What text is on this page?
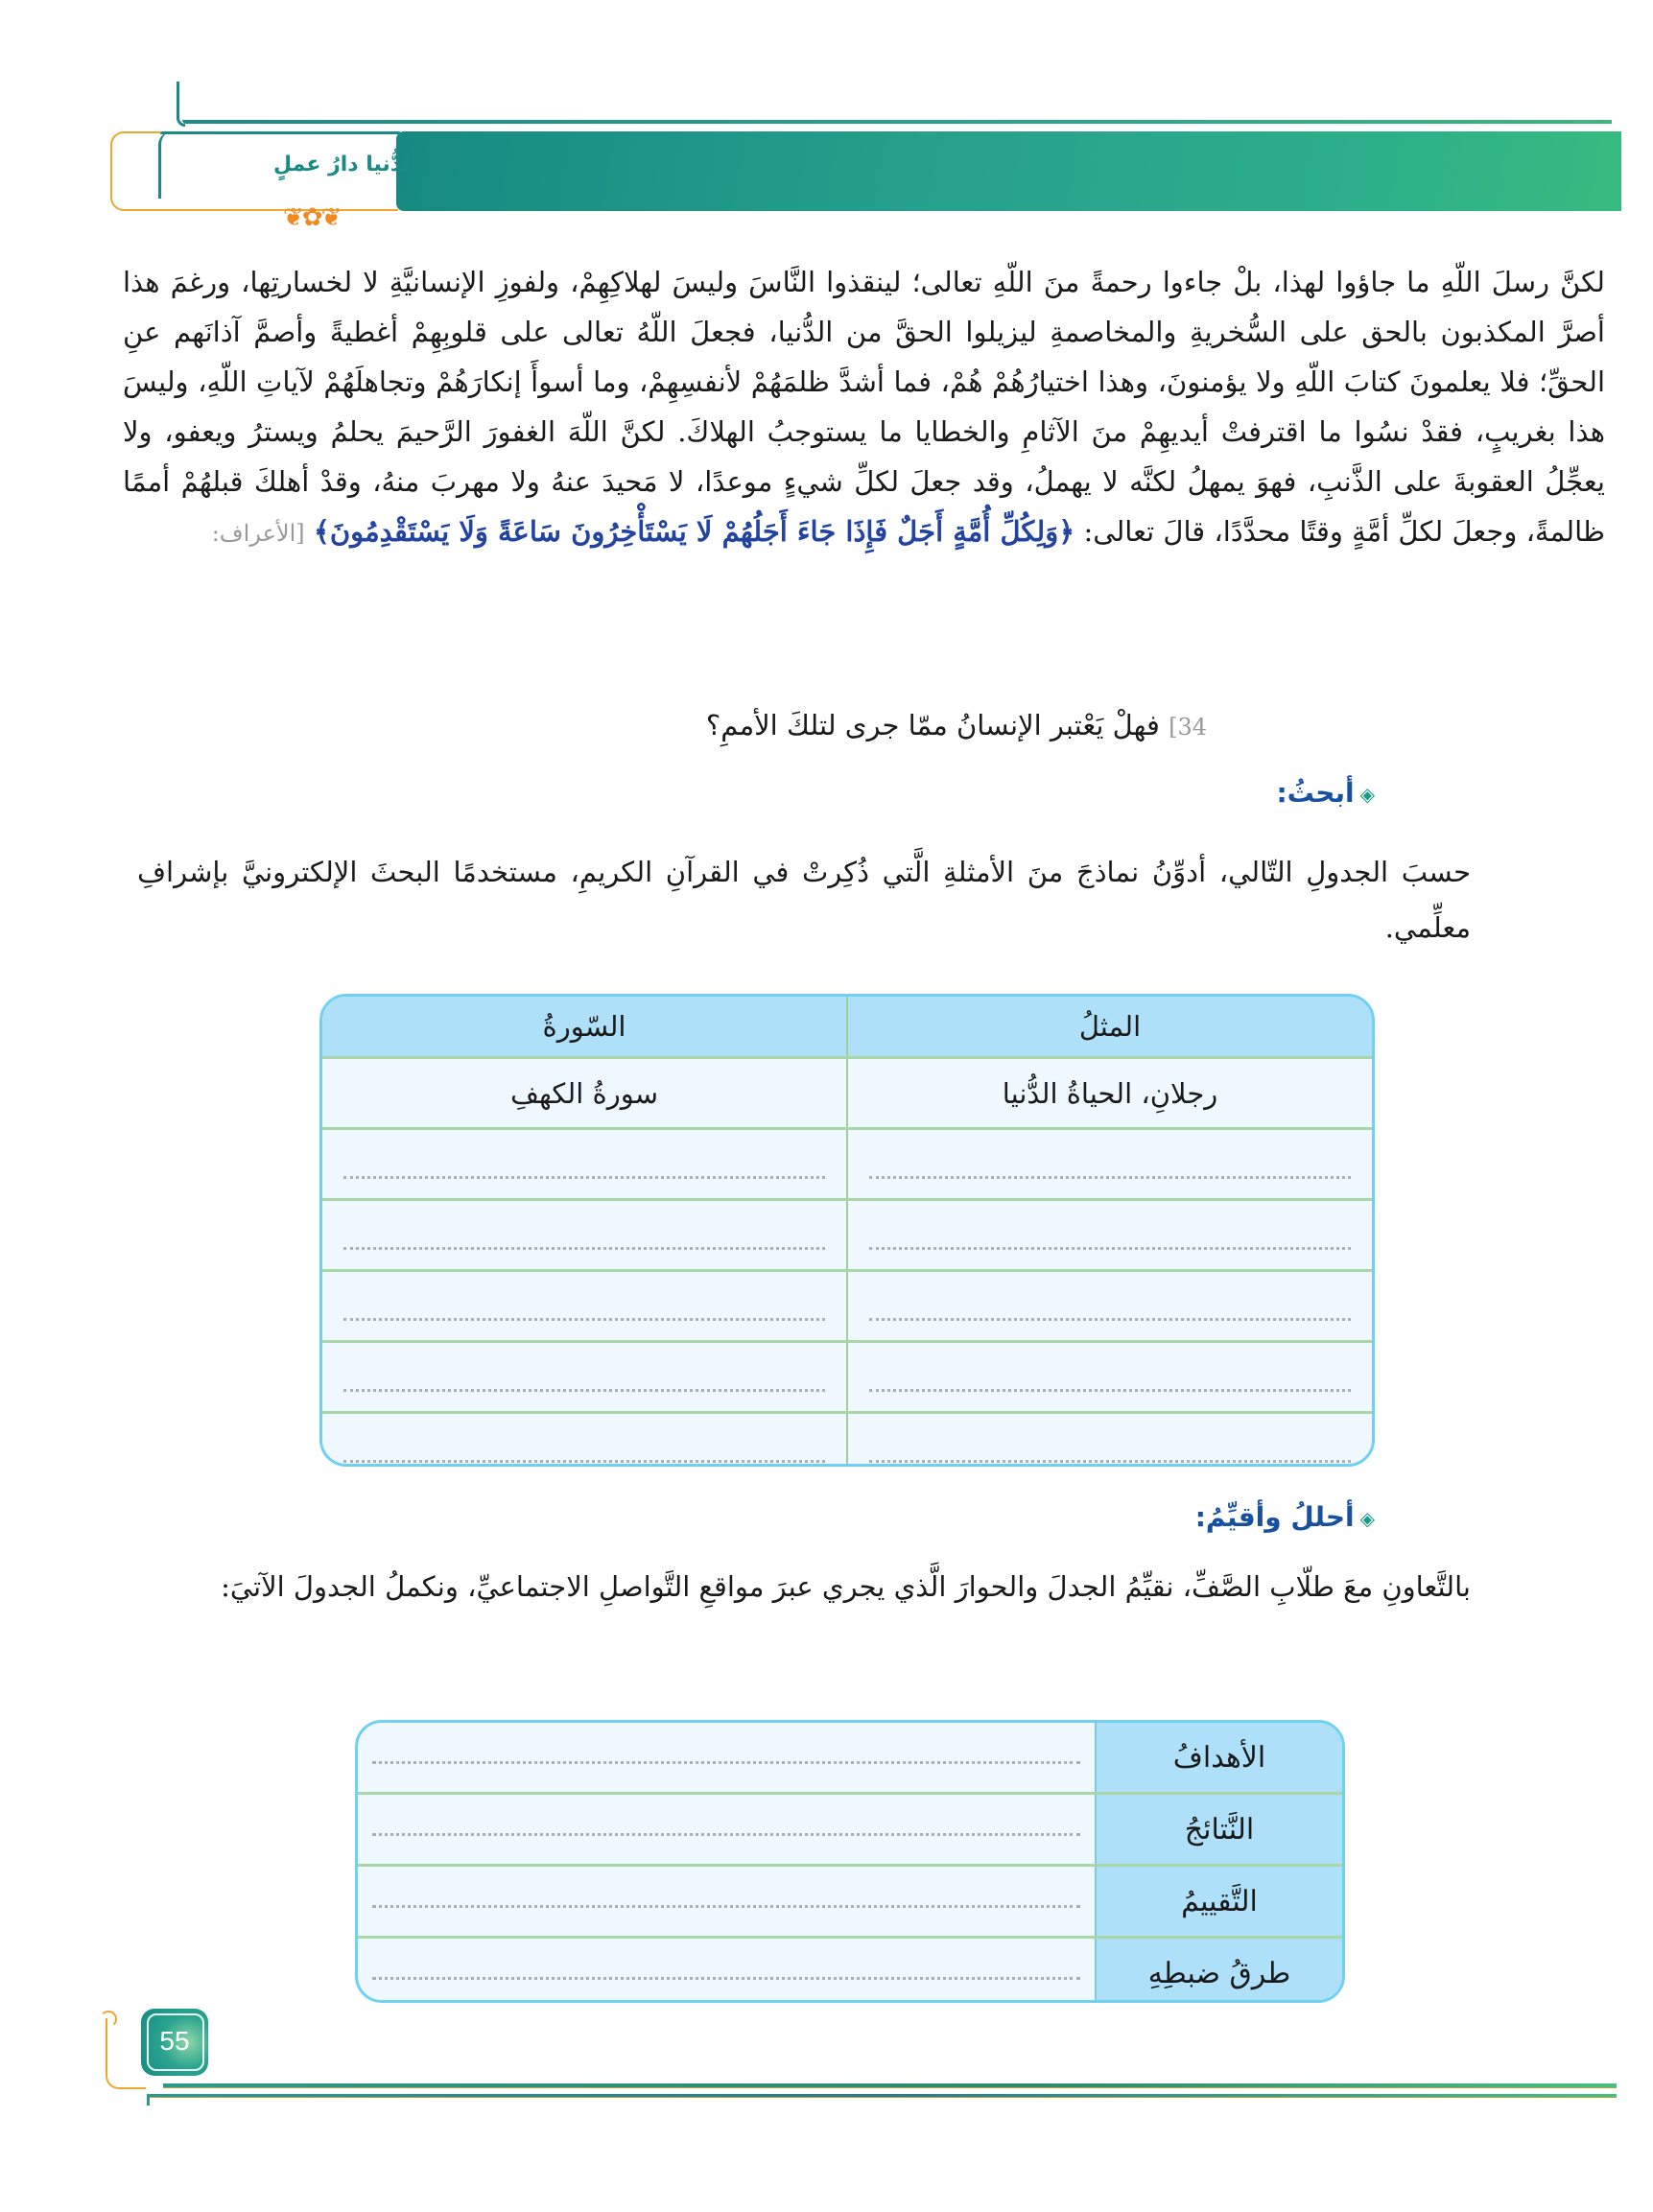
الدُّنيا دارُ عملٍ
❦✿❦
لكنَّ رسلَ اللّهِ ما جاؤوا لهذا، بلْ جاءوا رحمةً منَ اللّهِ تعالى؛ لينقذوا النَّاسَ وليسَ لهلاكِهِمْ، ولفوزِ الإنسانيَّةِ لا لخسارتِها، ورغمَ هذا أصرَّ المكذبون بالحق على السُّخريةِ والمخاصمةِ ليزيلوا الحقَّ من الدُّنيا، فجعلَ اللّهُ تعالى على قلوبِهِمْ أغطيةً وأصمَّ آذانَهم عنِ الحقِّ؛ فلا يعلمونَ كتابَ اللّهِ ولا يؤمنونَ، وهذا اختيارُهُمْ هُمْ، فما أشدَّ ظلمَهُمْ لأنفسِهِمْ، وما أسوأَ إنكارَهُمْ وتجاهلَهُمْ لآياتِ اللّهِ، وليسَ هذا بغريبٍ، فقدْ نسُوا ما اقترفتْ أيديهِمْ منَ الآثامِ والخطايا ما يستوجبُ الهلاكَ. لكنَّ اللّهَ الغفورَ الرَّحيمَ يحلمُ ويسترُ ويعفو، ولا يعجِّلُ العقوبةَ على الذَّنبِ، فهوَ يمهلُ لكنَّه لا يهملُ، وقد جعلَ لكلِّ شيءٍ موعدًا، لا مَحيدَ عنهُ ولا مهربَ منهُ، وقدْ أهلكَ قبلهُمْ أممًا ظالمةً، وجعلَ لكلِّ أمَّةٍ وقتًا محدَّدًا، قالَ تعالى: ﴿وَلِكُلِّ أُمَّةٍ أَجَلٌ فَإِذَا جَاءَ أَجَلُهُمْ لَا يَسْتَأْخِرُونَ سَاعَةً وَلَا يَسْتَقْدِمُونَ﴾ [الأعراف:
34] فهلْ يَعْتبر الإنسانُ ممّا جرى لتلكَ الأممِ؟
◈أبحثُ:
حسبَ الجدولِ التّالي، أدوِّنُ نماذجَ منَ الأمثلةِ الَّتي ذُكِرتْ في القرآنِ الكريمِ، مستخدمًا البحثَ الإلكترونيَّ بإشرافِ معلِّمي.
المثلُ
السّورةُ
رجلانِ، الحياةُ الدُّنيا
سورةُ الكهفِ
◈أحللُ وأقيِّمُ:
بالتَّعاونِ معَ طلّابِ الصَّفِّ، نقيِّمُ الجدلَ والحوارَ الَّذي يجري عبرَ مواقعِ التَّواصلِ الاجتماعيِّ، ونكملُ الجدولَ الآتيَ:
الأهدافُ
النَّتائجُ
التَّقييمُ
طرقُ ضبطِهِ
55
